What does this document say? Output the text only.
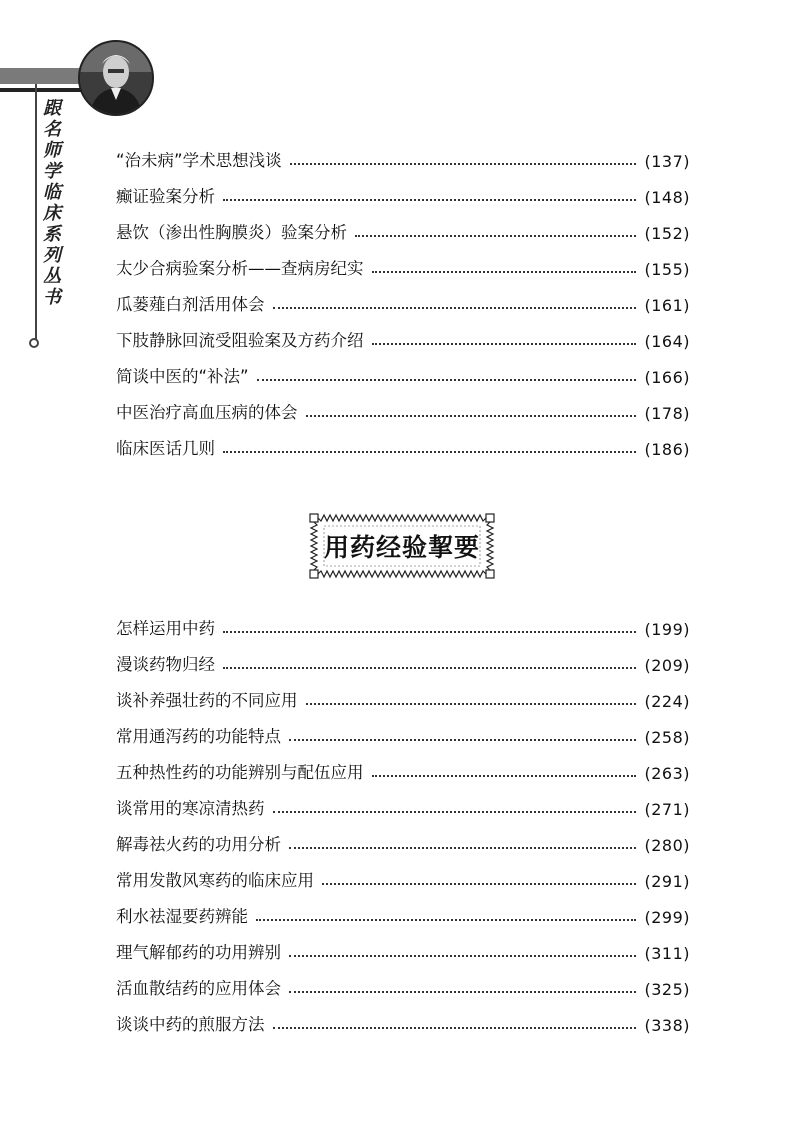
跟名师学临床系列丛书	“治未病”学术思想浅谈	(137)
癫证验案分析	(148)
悬饮（渗出性胸膜炎）验案分析	(152)
太少合病验案分析——查病房纪实	(155)
瓜蒌薤白剂活用体会	(161)
下肢静脉回流受阻验案及方药介绍	(164)
简谈中医的“补法”	(166)
中医治疗高血压病的体会	(178)
临床医话几则	(186)
用药经验挈要
怎样运用中药	(199)
漫谈药物归经	(209)
谈补养强壮药的不同应用	(224)
常用通泻药的功能特点	(258)
五种热性药的功能辨别与配伍应用	(263)
谈常用的寒凉清热药	(271)
解毒祛火药的功用分析	(280)
常用发散风寒药的临床应用	(291)
利水祛湿要药辨能	(299)
理气解郁药的功用辨别	(311)
活血散结药的应用体会	(325)
谈谈中药的煎服方法	(338)
